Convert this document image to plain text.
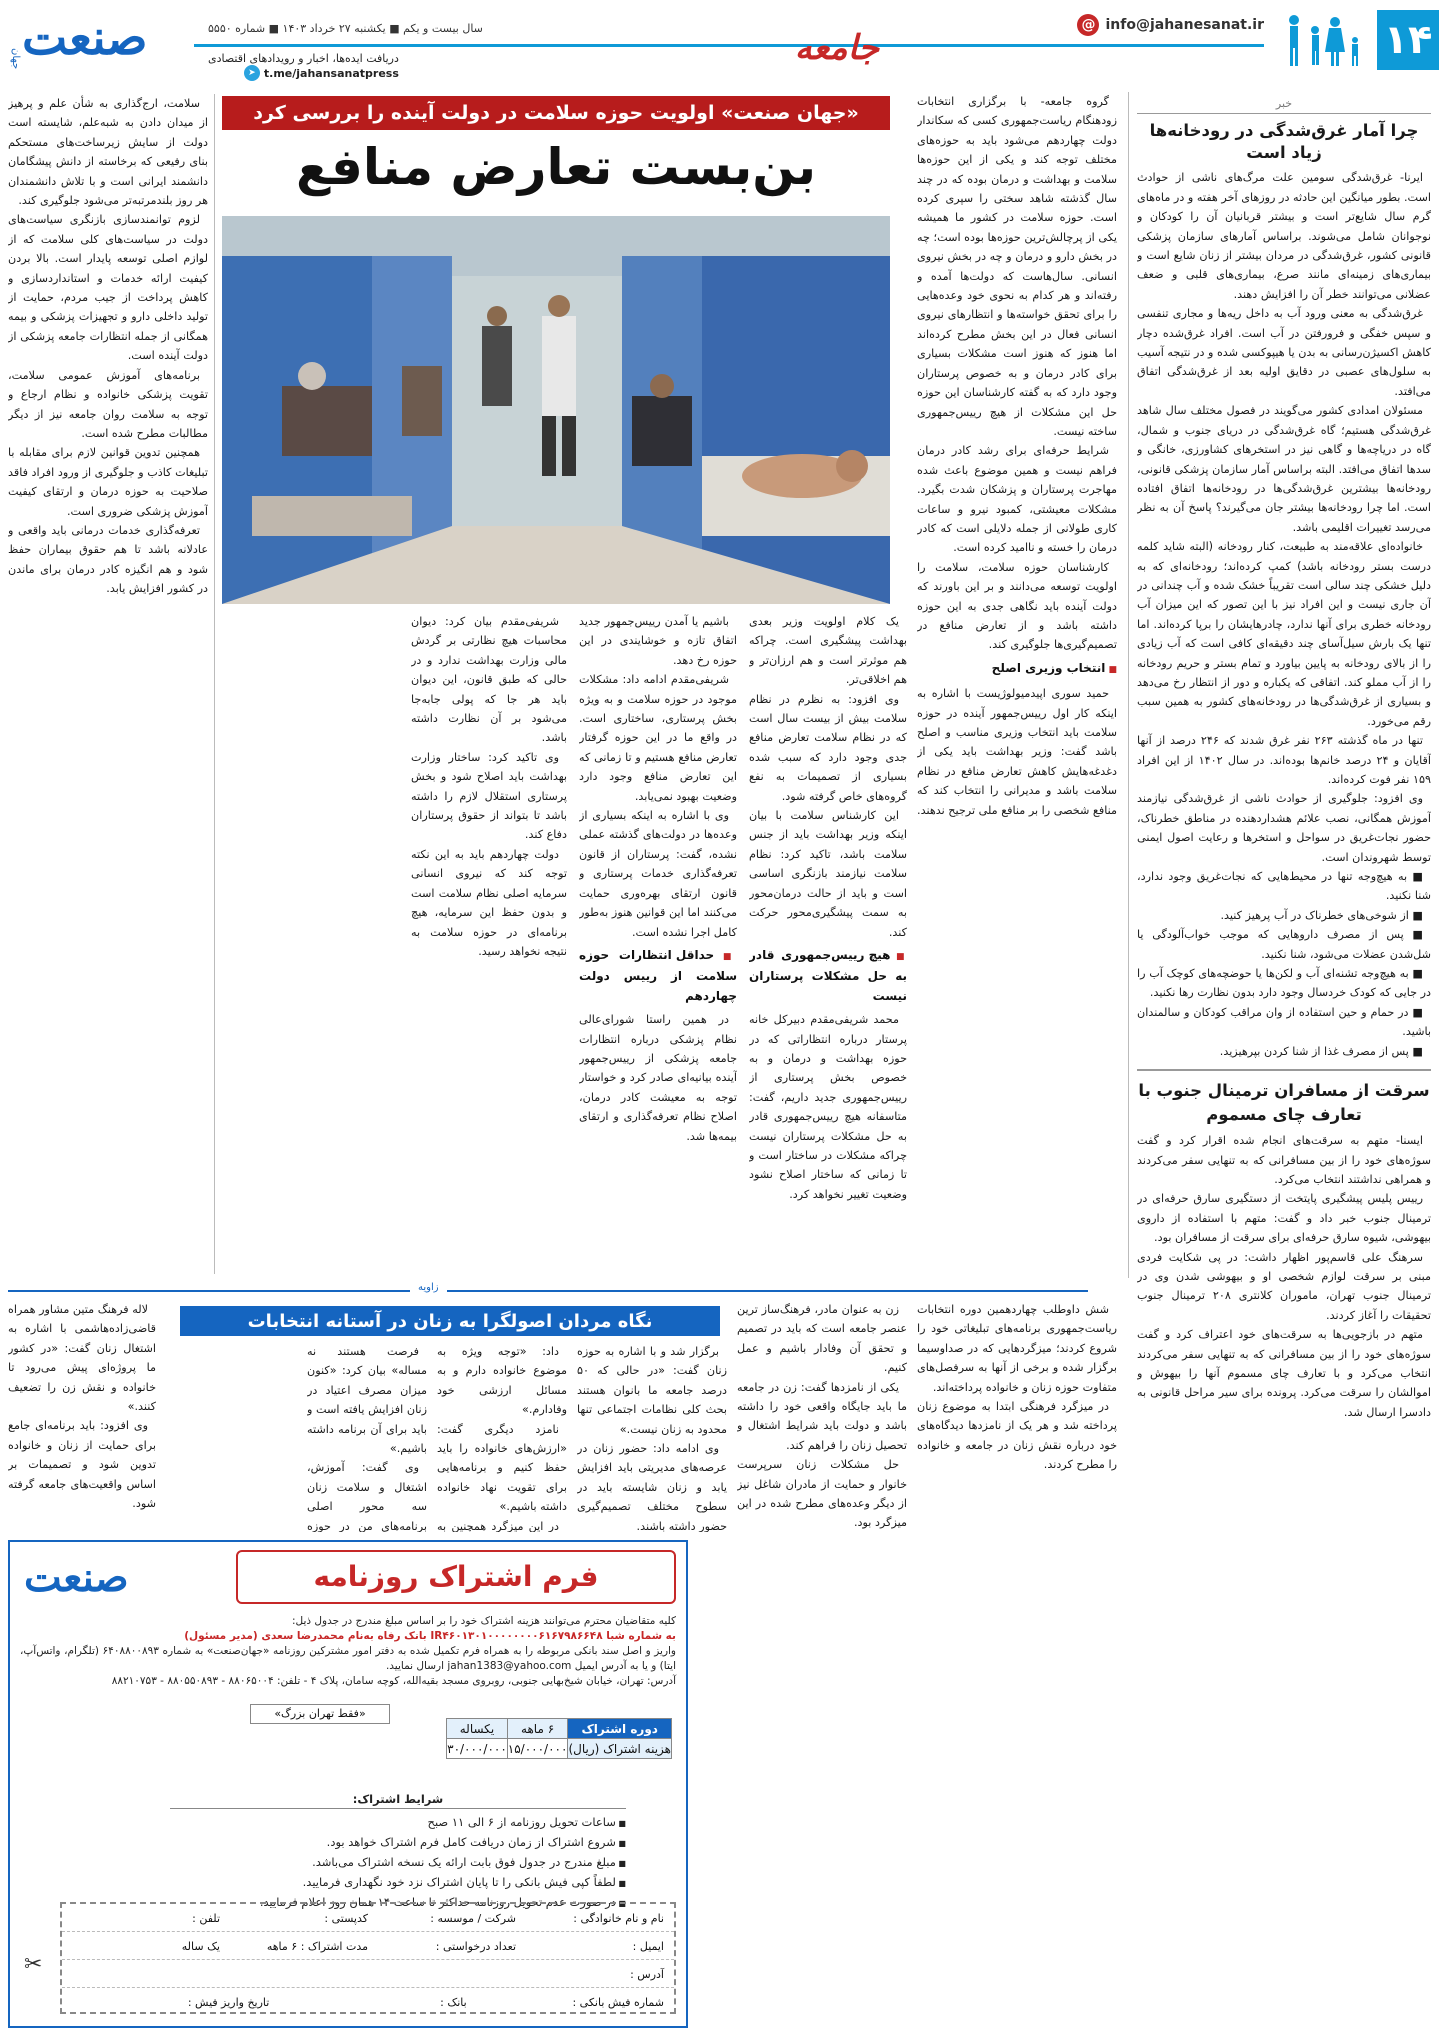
۱۴
@ info@jahanesanat.ir
جامعه
سال بیست و یکم ■ یکشنبه ۲۷ خرداد ۱۴۰۳ ■ شماره ۵۵۵۰
دریافت ایده‌ها، اخبار و رویدادهای اقتصادی
➤ t.me/jahansanatpress
صنعت
جهان
خبر
چرا آمار غرق‌شدگی در رودخانه‌ها زیاد است

ایرنا- غرق‌شدگی سومین علت مرگ‌های ناشی از حوادث است. بطور میانگین این حادثه در روزهای آخر هفته و در ماه‌های گرم سال شایع‌تر است و بیشتر قربانیان آن را کودکان و نوجوانان شامل می‌شوند. براساس آمارهای سازمان پزشکی قانونی کشور، غرق‌شدگی در مردان بیشتر از زنان شایع است و بیماری‌های زمینه‌ای مانند صرع، بیماری‌های قلبی و ضعف عضلانی می‌توانند خطر آن را افزایش دهند.

غرق‌شدگی به معنی ورود آب به داخل ریه‌ها و مجاری تنفسی و سپس خفگی و فرورفتن در آب است. افراد غرق‌شده دچار کاهش اکسیژن‌رسانی به بدن یا هیپوکسی شده و در نتیجه آسیب به سلول‌های عصبی در دقایق اولیه بعد از غرق‌شدگی اتفاق می‌افتد.

مسئولان امدادی کشور می‌گویند در فصول مختلف سال شاهد غرق‌شدگی هستیم؛ گاه غرق‌شدگی در دریای جنوب و شمال، گاه در دریاچه‌ها و گاهی نیز در استخرهای کشاورزی، خانگی و سدها اتفاق می‌افتد. البته براساس آمار سازمان پزشکی قانونی، رودخانه‌ها بیشترین غرق‌شدگی‌ها در رودخانه‌ها اتفاق افتاده است. اما چرا رودخانه‌ها بیشتر جان می‌گیرند؟ پاسخ آن به نظر می‌رسد تغییرات اقلیمی باشد.

خانواده‌ای علاقه‌مند به طبیعت، کنار رودخانه (البته شاید کلمه درست بستر رودخانه باشد) کمپ کرده‌اند؛ رودخانه‌ای که به دلیل خشکی چند سالی است تقریباً خشک شده و آب چندانی در آن جاری نیست و این افراد نیز با این تصور که این میزان آب رودخانه خطری برای آنها ندارد، چادرهایشان را برپا کرده‌اند. اما تنها یک بارش سیل‌آسای چند دقیقه‌ای کافی است که آب زیادی را از بالای رودخانه به پایین بیاورد و تمام بستر و حریم رودخانه را از آب مملو کند. اتفاقی که یکباره و دور از انتظار رخ می‌دهد و بسیاری از غرق‌شدگی‌ها در رودخانه‌های کشور به همین سبب رقم می‌خورد.

تنها در ماه گذشته ۲۶۳ نفر غرق شدند که ۲۴۶ درصد از آنها آقایان و ۲۴ درصد خانم‌ها بوده‌اند. در سال ۱۴۰۲ از این افراد ۱۵۹ نفر فوت کرده‌اند.

وی افزود: جلوگیری از حوادث ناشی از غرق‌شدگی نیازمند آموزش همگانی، نصب علائم هشداردهنده در مناطق خطرناک، حضور نجات‌غریق در سواحل و استخرها و رعایت اصول ایمنی توسط شهروندان است.

■ به هیچ‌وجه تنها در محیط‌هایی که نجات‌غریق وجود ندارد، شنا نکنید.

■ از شوخی‌های خطرناک در آب پرهیز کنید.

■ پس از مصرف داروهایی که موجب خواب‌آلودگی یا شل‌شدن عضلات می‌شود، شنا نکنید.

■ به هیچ‌وجه تشنه‌ای آب و لکن‌ها یا حوضچه‌های کوچک آب را در جایی که کودک خردسال وجود دارد بدون نظارت رها نکنید.

■ در حمام و حین استفاده از وان مراقب کودکان و سالمندان باشید.

■ پس از مصرف غذا از شنا کردن بپرهیزید.

سرقت از مسافران ترمینال جنوب با تعارف چای مسموم

ایسنا- متهم به سرقت‌های انجام شده اقرار کرد و گفت سوژه‌های خود را از بین مسافرانی که به تنهایی سفر می‌کردند و همراهی نداشتند انتخاب می‌کرد.

رییس پلیس پیشگیری پایتخت از دستگیری سارق حرفه‌ای در ترمینال جنوب خبر داد و گفت: متهم با استفاده از داروی بیهوشی، شیوه سارق حرفه‌ای برای سرقت از مسافران بود.

سرهنگ علی قاسم‌پور اظهار داشت: در پی شکایت فردی مبنی بر سرقت لوازم شخصی او و بیهوشی شدن وی در ترمینال جنوب تهران، ماموران کلانتری ۲۰۸ ترمینال جنوب تحقیقات را آغاز کردند.

متهم در بازجویی‌ها به سرقت‌های خود اعتراف کرد و گفت سوژه‌های خود را از بین مسافرانی که به تنهایی سفر می‌کردند انتخاب می‌کرد و با تعارف چای مسموم آنها را بیهوش و اموالشان را سرقت می‌کرد. پرونده برای سیر مراحل قانونی به دادسرا ارسال شد.

گروه جامعه- با برگزاری انتخابات زودهنگام ریاست‌جمهوری کسی که سکاندار دولت چهاردهم می‌شود باید به حوزه‌های مختلف توجه کند و یکی از این حوزه‌ها سلامت و بهداشت و درمان بوده که در چند سال گذشته شاهد سختی را سپری کرده است. حوزه سلامت در کشور ما همیشه یکی از پرچالش‌ترین حوزه‌ها بوده است؛ چه در بخش دارو و درمان و چه در بخش نیروی انسانی. سال‌هاست که دولت‌ها آمده و رفته‌اند و هر کدام به نحوی خود وعده‌هایی را برای تحقق خواسته‌ها و انتظارهای نیروی انسانی فعال در این بخش مطرح کرده‌اند اما هنوز که هنوز است مشکلات بسیاری برای کادر درمان و به خصوص پرستاران وجود دارد که به گفته کارشناسان این حوزه حل این مشکلات از هیچ رییس‌جمهوری ساخته نیست.

شرایط حرفه‌ای برای رشد کادر درمان فراهم نیست و همین موضوع باعث شده مهاجرت پرستاران و پزشکان شدت بگیرد. مشکلات معیشتی، کمبود نیرو و ساعات کاری طولانی از جمله دلایلی است که کادر درمان را خسته و ناامید کرده است.

کارشناسان حوزه سلامت، سلامت را اولویت توسعه می‌دانند و بر این باورند که دولت آینده باید نگاهی جدی به این حوزه داشته باشد و از تعارض منافع در تصمیم‌گیری‌ها جلوگیری کند.

■ انتخاب وزیری اصلح

حمید سوری اپیدمیولوژیست با اشاره به اینکه کار اول رییس‌جمهور آینده در حوزه سلامت باید انتخاب وزیری مناسب و اصلح باشد گفت: وزیر بهداشت باید یکی از دغدغه‌هایش کاهش تعارض منافع در نظام سلامت باشد و مدیرانی را انتخاب کند که منافع شخصی را بر منافع ملی ترجیح ندهند.

«جهان صنعت» اولویت حوزه سلامت در دولت آینده را بررسی کرد
بن‌بست تعارض منافع

یک کلام اولویت وزیر بعدی بهداشت پیشگیری است. چراکه هم موثرتر است و هم ارزان‌تر و هم اخلاقی‌تر.

وی افزود: به نظرم در نظام سلامت بیش از بیست سال است که در نظام سلامت تعارض منافع جدی وجود دارد که سبب شده بسیاری از تصمیمات به نفع گروه‌های خاص گرفته شود.

این کارشناس سلامت با بیان اینکه وزیر بهداشت باید از جنس سلامت باشد، تاکید کرد: نظام سلامت نیازمند بازنگری اساسی است و باید از حالت درمان‌محور به سمت پیشگیری‌محور حرکت کند.

■ هیچ رییس‌جمهوری قادر به حل مشکلات پرستاران نیست

محمد شریفی‌مقدم دبیرکل خانه پرستار درباره انتظاراتی که در حوزه بهداشت و درمان و به خصوص بخش پرستاری از رییس‌جمهوری جدید داریم، گفت: متاسفانه هیچ رییس‌جمهوری قادر به حل مشکلات پرستاران نیست چراکه مشکلات در ساختار است و تا زمانی که ساختار اصلاح نشود وضعیت تغییر نخواهد کرد.

باشیم یا آمدن رییس‌جمهور جدید اتفاق تازه و خوشایندی در این حوزه رخ دهد.

شریفی‌مقدم ادامه داد: مشکلات موجود در حوزه سلامت و به ویژه بخش پرستاری، ساختاری است. در واقع ما در این حوزه گرفتار تعارض منافع هستیم و تا زمانی که این تعارض منافع وجود دارد وضعیت بهبود نمی‌یابد.

وی با اشاره به اینکه بسیاری از وعده‌ها در دولت‌های گذشته عملی نشده، گفت: پرستاران از قانون تعرفه‌گذاری خدمات پرستاری و قانون ارتقای بهره‌وری حمایت می‌کنند اما این قوانین هنوز به‌طور کامل اجرا نشده است.

■ حداقل انتظارات حوزه سلامت از رییس دولت چهاردهم

در همین راستا شورای‌عالی نظام پزشکی درباره انتظارات جامعه پزشکی از رییس‌جمهور آینده بیانیه‌ای صادر کرد و خواستار توجه به معیشت کادر درمان، اصلاح نظام تعرفه‌گذاری و ارتقای بیمه‌ها شد.

شریفی‌مقدم بیان کرد: دیوان محاسبات هیچ نظارتی بر گردش مالی وزارت بهداشت ندارد و در حالی که طبق قانون، این دیوان باید هر جا که پولی جابه‌جا می‌شود بر آن نظارت داشته باشد.

وی تاکید کرد: ساختار وزارت بهداشت باید اصلاح شود و بخش پرستاری استقلال لازم را داشته باشد تا بتواند از حقوق پرستاران دفاع کند.

دولت چهاردهم باید به این نکته توجه کند که نیروی انسانی سرمایه اصلی نظام سلامت است و بدون حفظ این سرمایه، هیچ برنامه‌ای در حوزه سلامت به نتیجه نخواهد رسید.

سلامت، ارج‌گذاری به شأن علم و پرهیز از میدان دادن به شبه‌علم، شایسته است دولت از سایش زیرساخت‌های مستحکم بنای رفیعی که برخاسته از دانش پیشگامان دانشمند ایرانی است و با تلاش دانشمندان هر روز بلندمرتبه‌تر می‌شود جلوگیری کند.

لزوم توانمندسازی بازنگری سیاست‌های دولت در سیاست‌های کلی سلامت که از لوازم اصلی توسعه پایدار است. بالا بردن کیفیت ارائه خدمات و استانداردسازی و کاهش پرداخت از جیب مردم، حمایت از تولید داخلی دارو و تجهیزات پزشکی و بیمه همگانی از جمله انتظارات جامعه پزشکی از دولت آینده است.

برنامه‌های آموزش عمومی سلامت، تقویت پزشکی خانواده و نظام ارجاع و توجه به سلامت روان جامعه نیز از دیگر مطالبات مطرح شده است.

همچنین تدوین قوانین لازم برای مقابله با تبلیغات کاذب و جلوگیری از ورود افراد فاقد صلاحیت به حوزه درمان و ارتقای کیفیت آموزش پزشکی ضروری است.

تعرفه‌گذاری خدمات درمانی باید واقعی و عادلانه باشد تا هم حقوق بیماران حفظ شود و هم انگیزه کادر درمان برای ماندن در کشور افزایش یابد.

زاویه
نگاه مردان اصولگرا به زنان در آستانه انتخابات

شش داوطلب چهاردهمین دوره انتخابات ریاست‌جمهوری برنامه‌های تبلیغاتی خود را شروع کردند؛ میزگردهایی که در صداوسیما برگزار شده و برخی از آنها به سرفصل‌های متفاوت حوزه زنان و خانواده پرداخته‌اند.

در میزگرد فرهنگی ابتدا به موضوع زنان پرداخته شد و هر یک از نامزدها دیدگاه‌های خود درباره نقش زنان در جامعه و خانواده را مطرح کردند.

زن به عنوان مادر، فرهنگ‌ساز ترین عنصر جامعه است که باید در تصمیم و تحقق آن وفادار باشیم و عمل کنیم.

یکی از نامزدها گفت: زن در جامعه ما باید جایگاه واقعی خود را داشته باشد و دولت باید شرایط اشتغال و تحصیل زنان را فراهم کند.

حل مشکلات زنان سرپرست خانوار و حمایت از مادران شاغل نیز از دیگر وعده‌های مطرح شده در این میزگرد بود.

برگزار شد و با اشاره به حوزه زنان گفت: «در حالی که ۵۰ درصد جامعه ما بانوان هستند بحث کلی نظامات اجتماعی تنها محدود به زنان نیست.»

وی ادامه داد: حضور زنان در عرصه‌های مدیریتی باید افزایش یابد و زنان شایسته باید در سطوح مختلف تصمیم‌گیری حضور داشته باشند.

داد: «توجه ویژه به موضوع خانواده دارم و به مسائل ارزشی خود وفادارم.»

نامزد دیگری گفت: «ارزش‌های خانواده را باید حفظ کنیم و برنامه‌هایی برای تقویت نهاد خانواده داشته باشیم.»

در این میزگرد همچنین به

فرصت هستند نه مساله» بیان کرد: «کنون میزان مصرف اعتیاد در زنان افزایش یافته است و باید برای آن برنامه داشته باشیم.»

وی گفت: آموزش، اشتغال و سلامت زنان سه محور اصلی برنامه‌های من در حوزه

لاله فرهنگ متین مشاور همراه قاضی‌زاده‌هاشمی با اشاره به اشتغال زنان گفت: «در کشور ما پروژه‌ای پیش می‌رود تا خانواده و نقش زن را تضعیف کنند.»

وی افزود: باید برنامه‌ای جامع برای حمایت از زنان و خانواده تدوین شود و تصمیمات بر اساس واقعیت‌های جامعه گرفته شود.

صنعت	فرم اشتراک روزنامه
کلیه متقاضیان محترم می‌توانند هزینه اشتراک خود را بر اساس مبلغ مندرج در جدول ذیل:
به شماره شبا IR۴۶۰۱۳۰۱۰۰۰۰۰۰۰۰۶۱۶۷۹۸۶۶۴۸ بانک رفاه به‌نام محمدرضا سعدی (مدیر مسئول)
واریز و اصل سند بانکی مربوطه را به همراه فرم تکمیل شده به دفتر امور مشترکین روزنامه «جهان‌صنعت» به شماره ۶۴۰۸۸۰۰۸۹۳ (تلگرام، واتس‌آپ، ایتا) و یا به آدرس ایمیل jahan1383@yahoo.com ارسال نمایید.
آدرس: تهران، خیابان شیخ‌بهایی جنوبی، روبروی مسجد بقیه‌الله، کوچه سامان، پلاک ۴ - تلفن: ۸۸۰۶۵۰۰۴ - ۸۸۰۵۵۰۸۹۳ - ۸۸۲۱۰۷۵۳
«فقط تهران بزرگ»
دوره اشتراک	۶ ماهه	یکساله
هزینه اشتراک (ریال)	۱۵/۰۰۰/۰۰۰	۳۰/۰۰۰/۰۰۰
شرایط اشتراک:
■ ساعات تحویل روزنامه از ۶ الی ۱۱ صبح
■ شروع اشتراک از زمان دریافت کامل فرم اشتراک خواهد بود.
■ مبلغ مندرج در جدول فوق بابت ارائه یک نسخه اشتراک می‌باشد.
■ لطفاً کپی فیش بانکی را تا پایان اشتراک نزد خود نگهداری فرمایید.
■ در صورت عدم تحویل روزنامه حداکثر تا ساعت ۱۴ همان روز اعلام فرمایید.
نام و نام خانوادگی :
شرکت / موسسه :
کدپستی :
تلفن :
ایمیل :
تعداد درخواستی :
مدت اشتراک : ۶ ماهه
یک ساله
آدرس :
شماره فیش بانکی :
بانک :
تاریخ واریز فیش :
✂
